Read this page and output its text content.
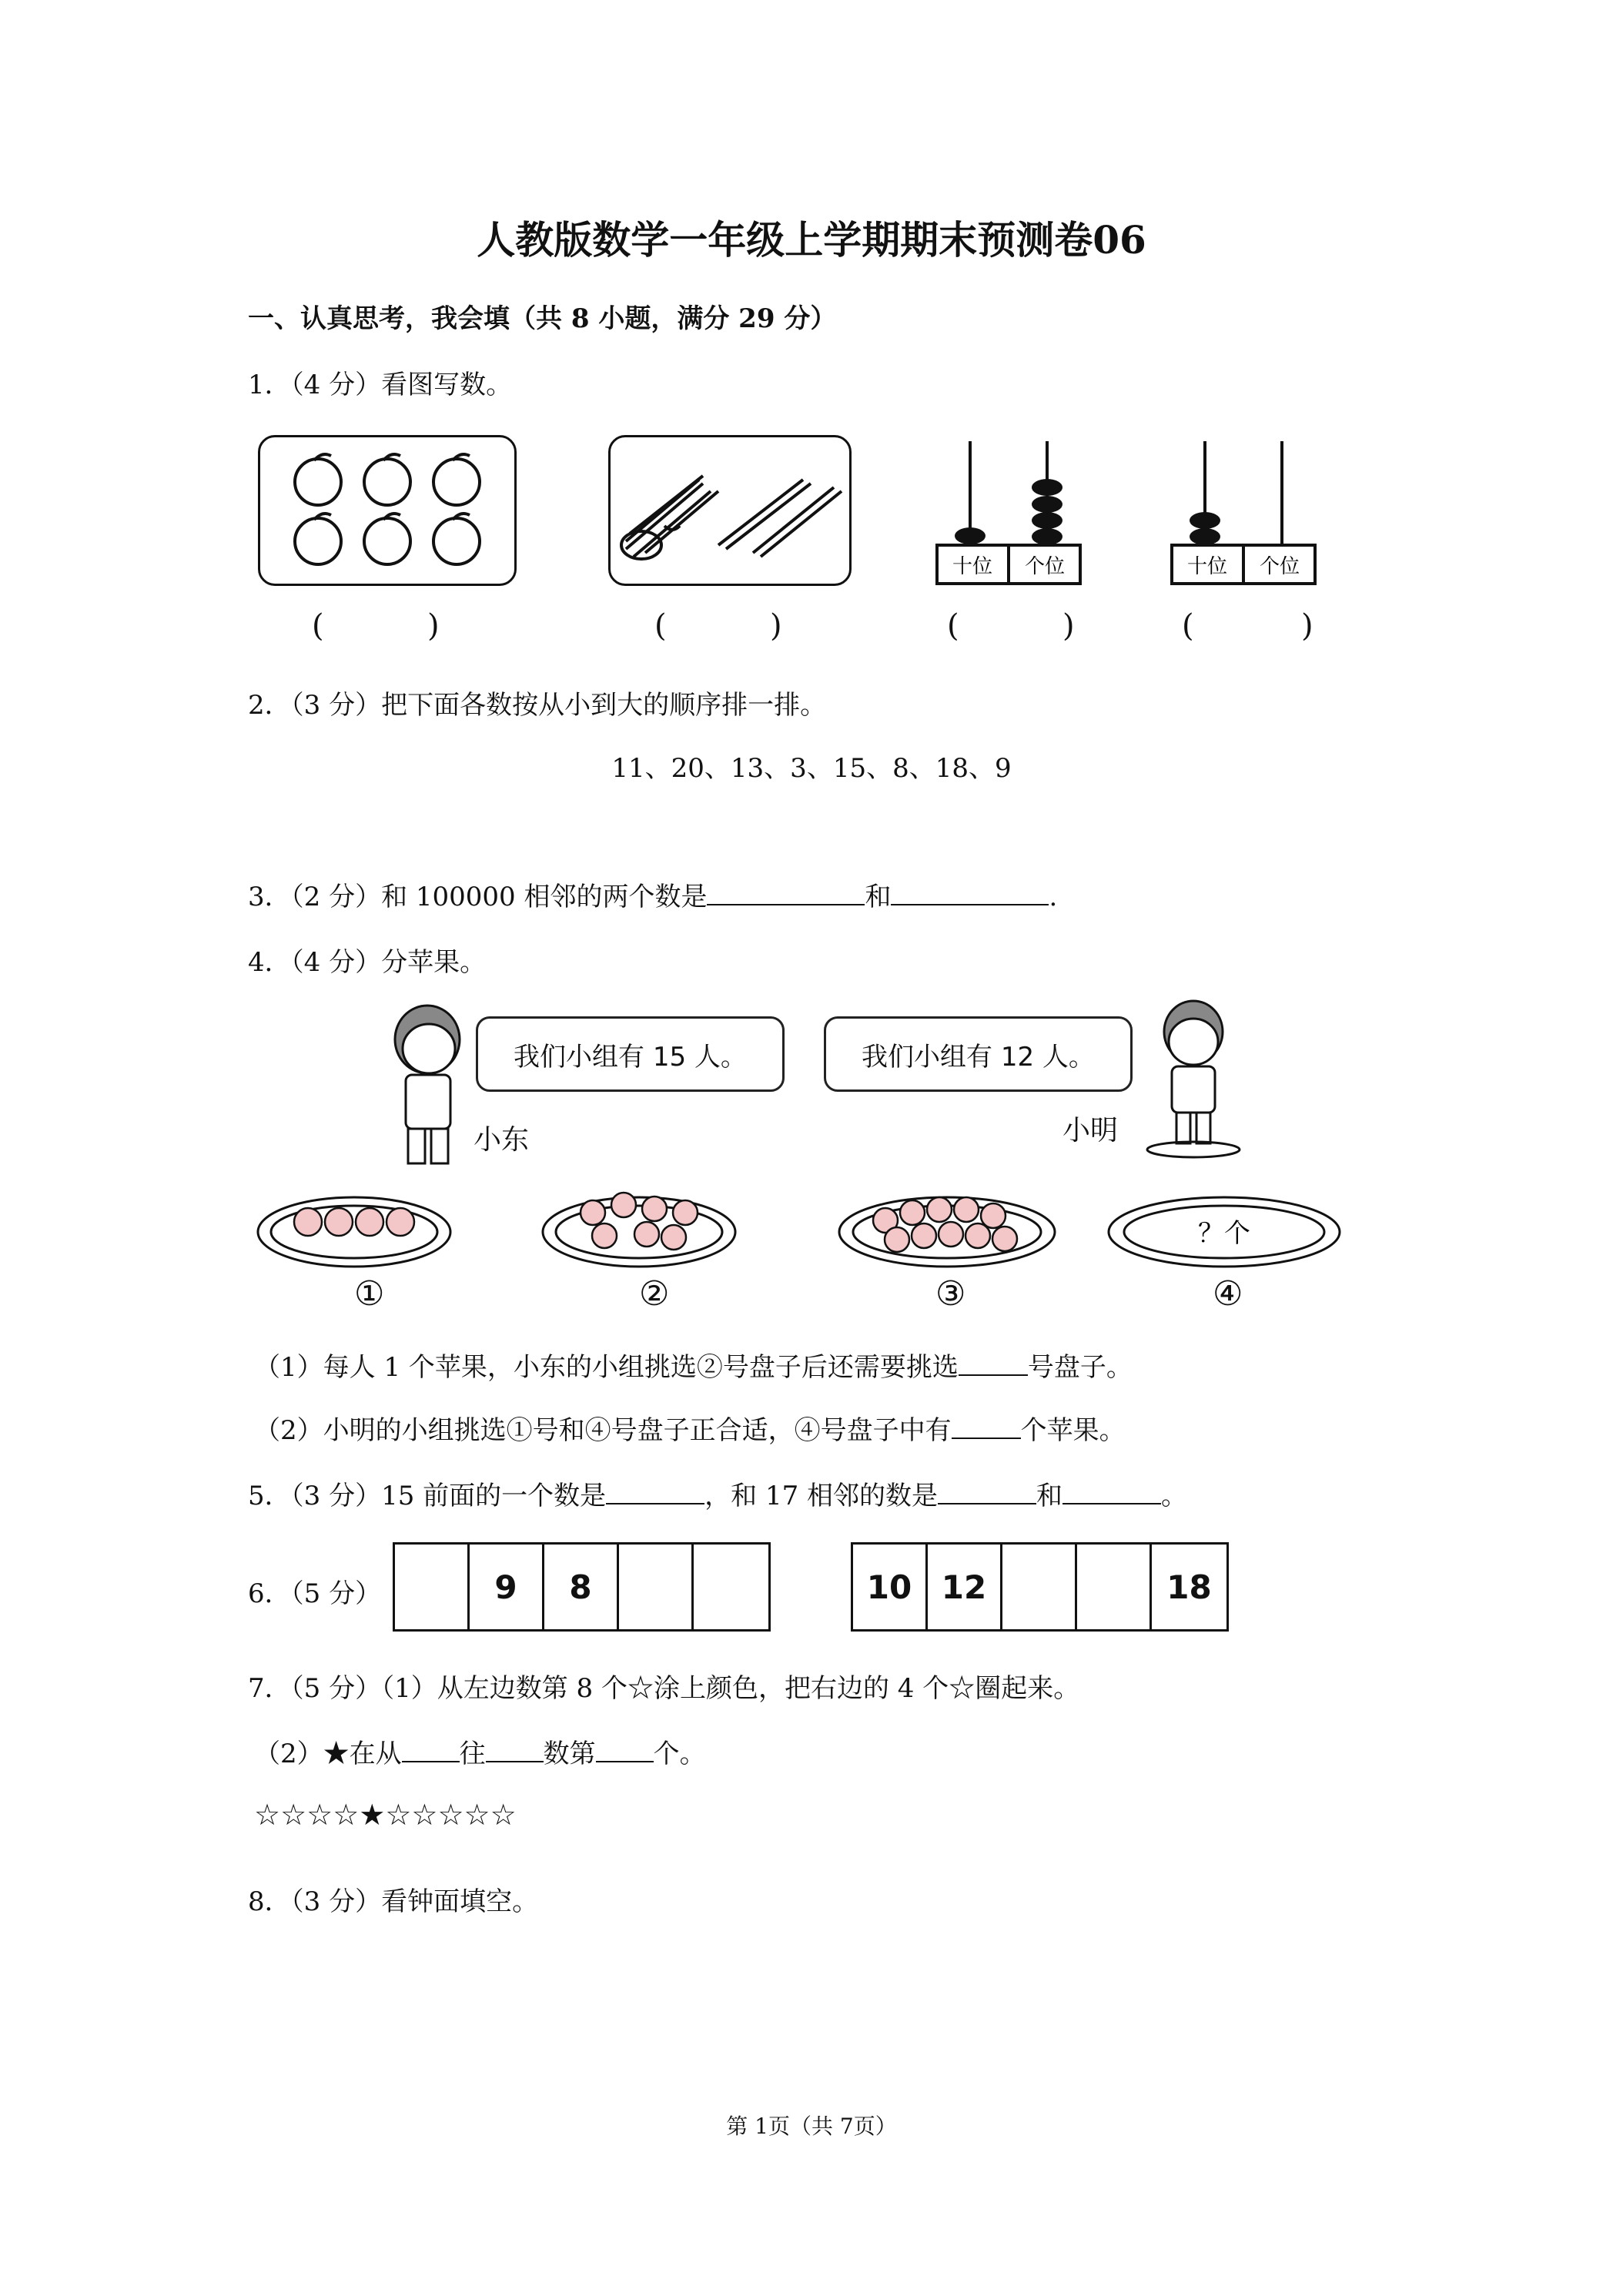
人教版数学一年级上学期期末预测卷06
一、认真思考，我会填（共 8 小题，满分 29 分）
1．（4 分）看图写数。
十位 个位	十位 个位
(	)	(	)	(	)	(	)
2．（3 分）把下面各数按从小到大的顺序排一排。
11、20、13、3、15、8、18、9
3．（2 分）和 100000 相邻的两个数是	和	.
4．（4 分）分苹果。
我们小组有 15 人。
小东
我们小组有 12 人。
小明
？个
①	②	③	④
（1）每人 1 个苹果，小东的小组挑选②号盘子后还需要挑选	号盘子。
（2）小明的小组挑选①号和④号盘子正合适，④号盘子中有	个苹果。
5．（3 分）15 前面的一个数是	，和 17 相邻的数是	和	。
6．（5 分）	9	8	10 12	18
7．（5 分）（1）从左边数第 8 个☆涂上颜色，把右边的 4 个☆圈起来。
（2）★在从 往 数第 个。
☆☆☆☆★☆☆☆☆☆
8．（3 分）看钟面填空。
第 1页（共 7页）
